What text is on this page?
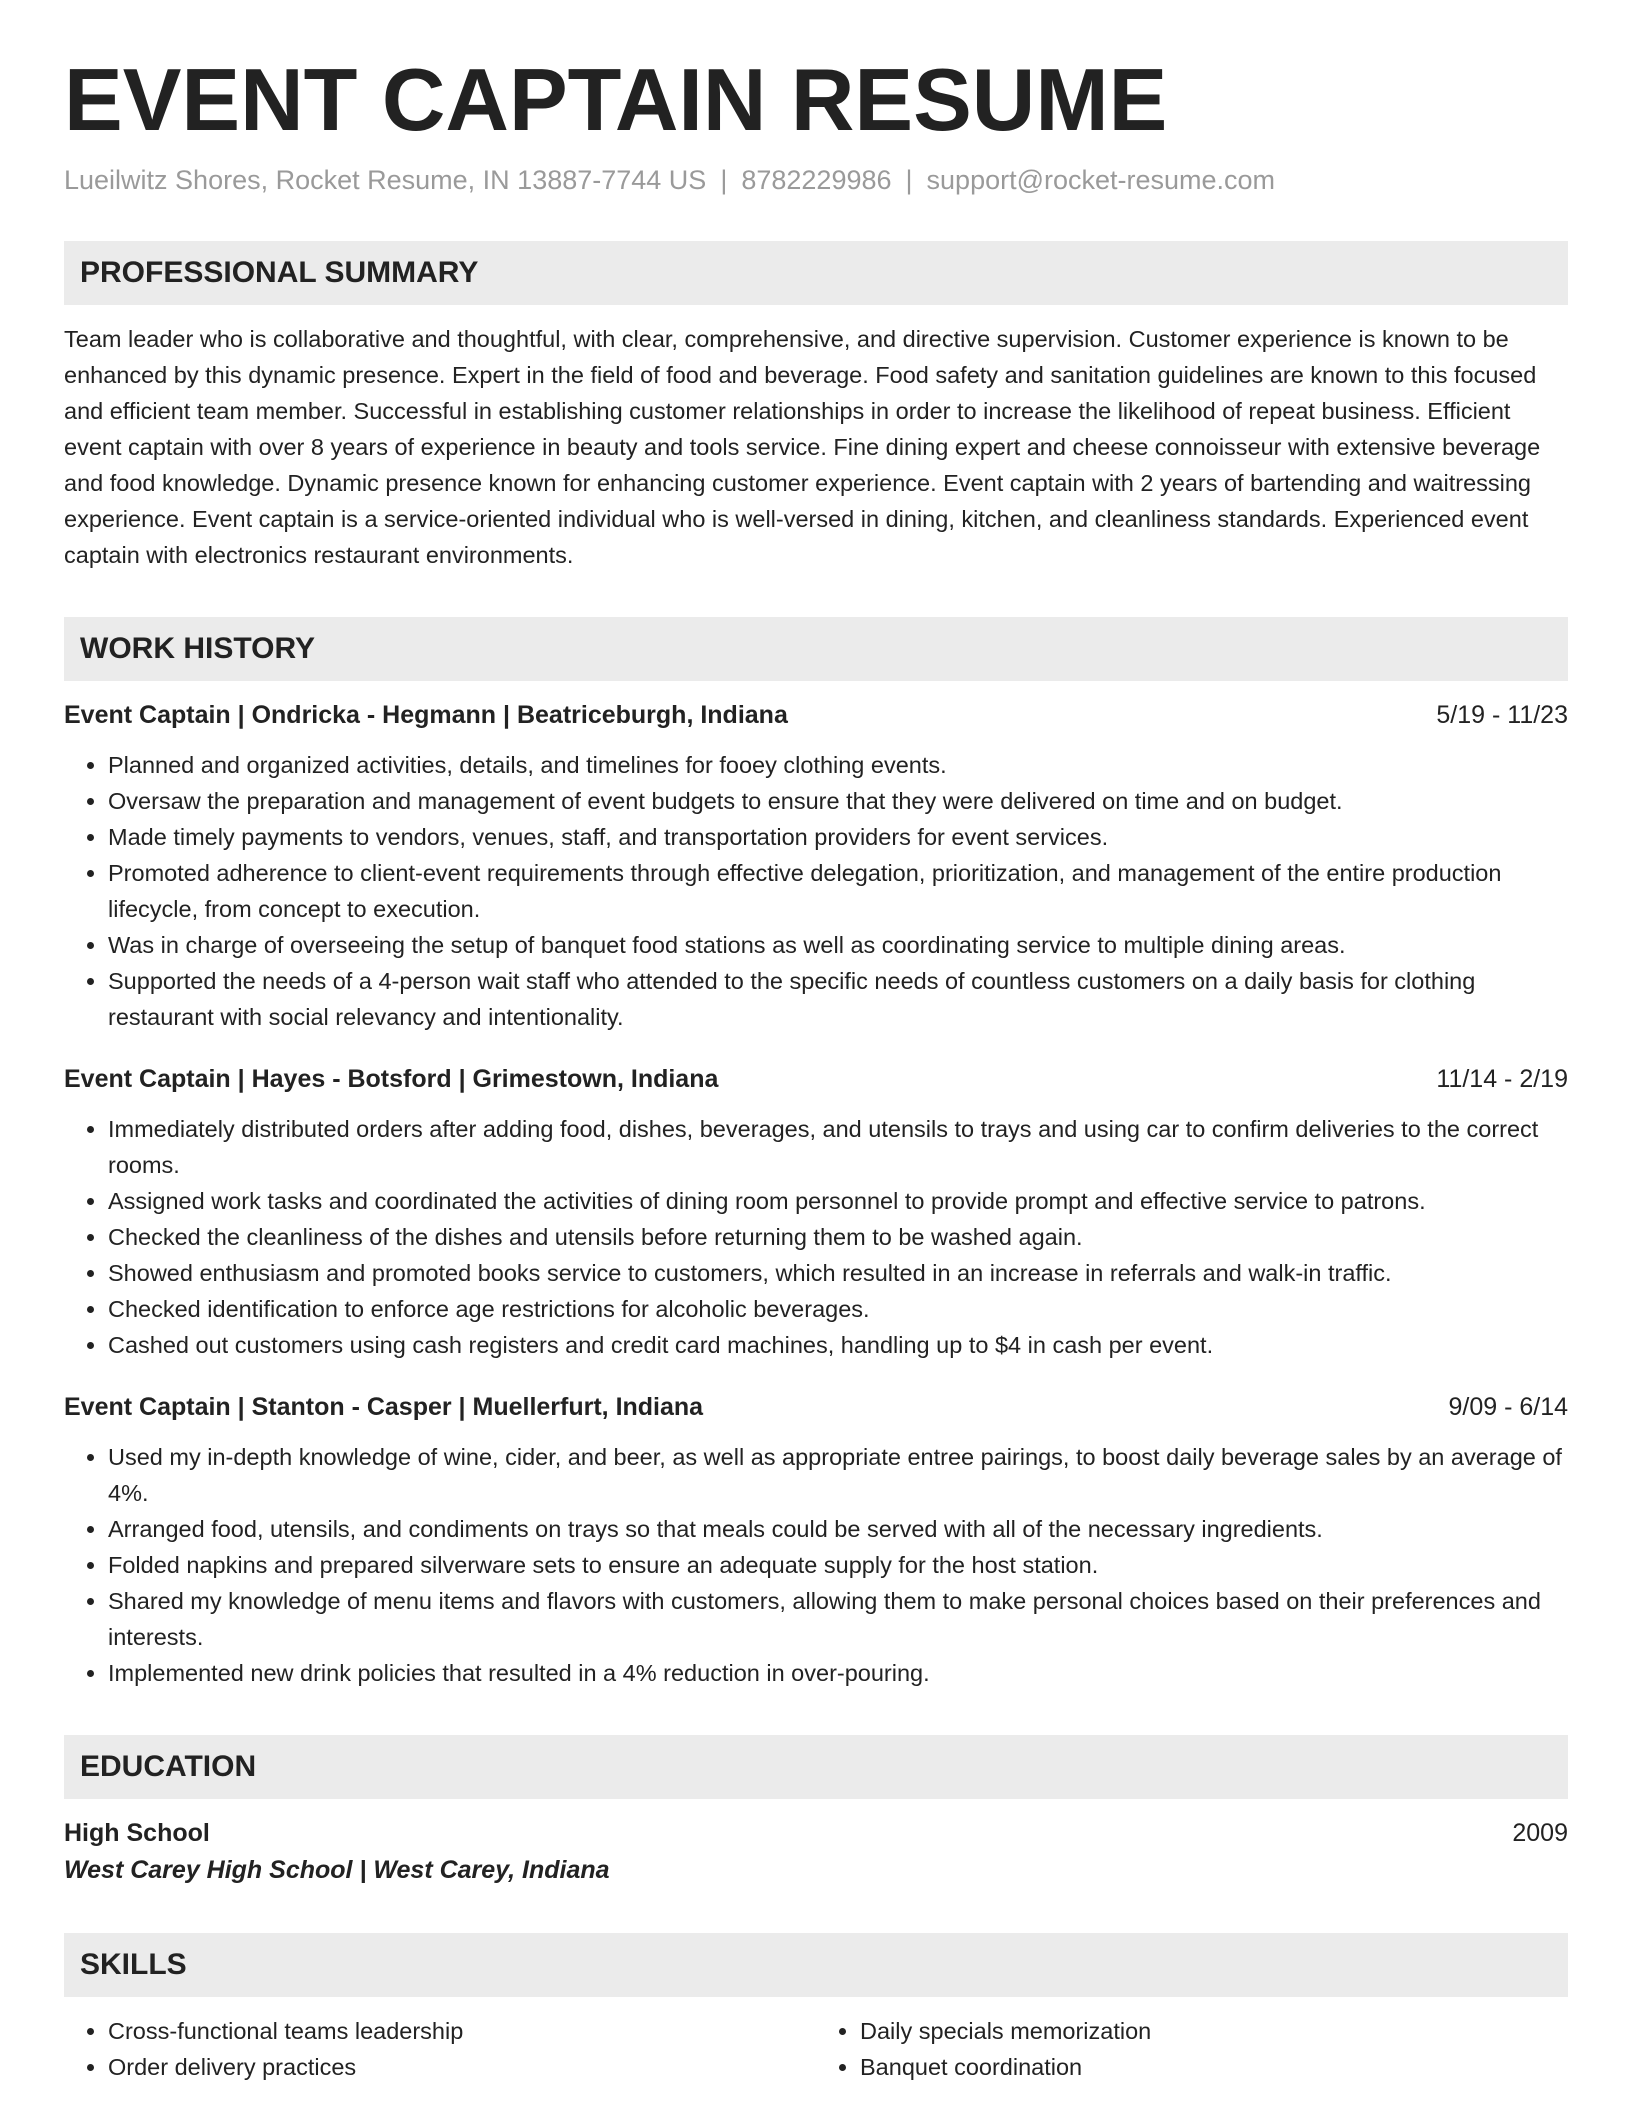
EVENT CAPTAIN RESUME
Lueilwitz Shores, Rocket Resume, IN 13887-7744 US | 8782229986 | support@rocket-resume.com
PROFESSIONAL SUMMARY
Team leader who is collaborative and thoughtful, with clear, comprehensive, and directive supervision. Customer experience is known to be enhanced by this dynamic presence. Expert in the field of food and beverage. Food safety and sanitation guidelines are known to this focused and efficient team member. Successful in establishing customer relationships in order to increase the likelihood of repeat business. Efficient event captain with over 8 years of experience in beauty and tools service. Fine dining expert and cheese connoisseur with extensive beverage and food knowledge. Dynamic presence known for enhancing customer experience. Event captain with 2 years of bartending and waitressing experience. Event captain is a service-oriented individual who is well-versed in dining, kitchen, and cleanliness standards. Experienced event captain with electronics restaurant environments.
WORK HISTORY
Event Captain | Ondricka - Hegmann | Beatriceburgh, Indiana	5/19 - 11/23
• Planned and organized activities, details, and timelines for fooey clothing events.
• Oversaw the preparation and management of event budgets to ensure that they were delivered on time and on budget.
• Made timely payments to vendors, venues, staff, and transportation providers for event services.
• Promoted adherence to client-event requirements through effective delegation, prioritization, and management of the entire production lifecycle, from concept to execution.
• Was in charge of overseeing the setup of banquet food stations as well as coordinating service to multiple dining areas.
• Supported the needs of a 4-person wait staff who attended to the specific needs of countless customers on a daily basis for clothing restaurant with social relevancy and intentionality.
Event Captain | Hayes - Botsford | Grimestown, Indiana	11/14 - 2/19
• Immediately distributed orders after adding food, dishes, beverages, and utensils to trays and using car to confirm deliveries to the correct rooms.
• Assigned work tasks and coordinated the activities of dining room personnel to provide prompt and effective service to patrons.
• Checked the cleanliness of the dishes and utensils before returning them to be washed again.
• Showed enthusiasm and promoted books service to customers, which resulted in an increase in referrals and walk-in traffic.
• Checked identification to enforce age restrictions for alcoholic beverages.
• Cashed out customers using cash registers and credit card machines, handling up to $4 in cash per event.
Event Captain | Stanton - Casper | Muellerfurt, Indiana	9/09 - 6/14
• Used my in-depth knowledge of wine, cider, and beer, as well as appropriate entree pairings, to boost daily beverage sales by an average of 4%.
• Arranged food, utensils, and condiments on trays so that meals could be served with all of the necessary ingredients.
• Folded napkins and prepared silverware sets to ensure an adequate supply for the host station.
• Shared my knowledge of menu items and flavors with customers, allowing them to make personal choices based on their preferences and interests.
• Implemented new drink policies that resulted in a 4% reduction in over-pouring.
EDUCATION
High School	2009
West Carey High School | West Carey, Indiana
SKILLS
• Cross-functional teams leadership
• Order delivery practices
• Daily specials memorization
• Banquet coordination
